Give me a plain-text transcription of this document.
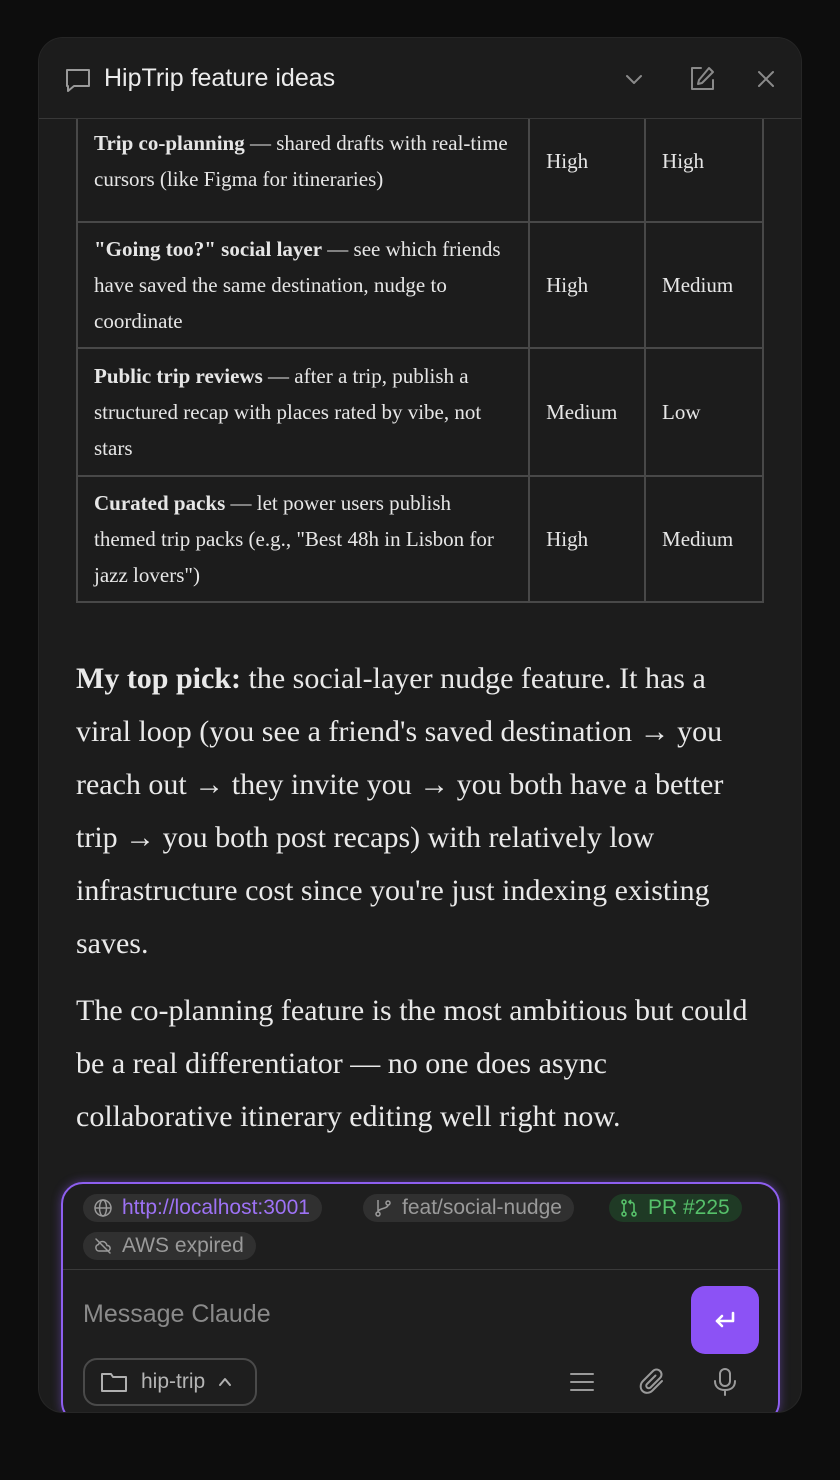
HipTrip feature ideas
Trip co-planning — shared drafts with real-time cursors (like Figma for itineraries)	High	High
"Going too?" social layer — see which friends have saved the same destination, nudge to coordinate	High	Medium
Public trip reviews — after a trip, publish a structured recap with places rated by vibe, not stars	Medium	Low
Curated packs — let power users publish themed trip packs (e.g., "Best 48h in Lisbon for jazz lovers")	High	Medium

My top pick: the social-layer nudge feature. It has a viral loop (you see a friend's saved destination → you reach out → they invite you → you both have a better trip → you both post recaps) with relatively low infrastructure cost since you're just indexing existing saves.

The co-planning feature is the most ambitious but could be a real differentiator — no one does async collaborative itinerary editing well right now.

http://localhost:3001	feat/social-nudge	PR #225
AWS expired
Message Claude
hip-trip
